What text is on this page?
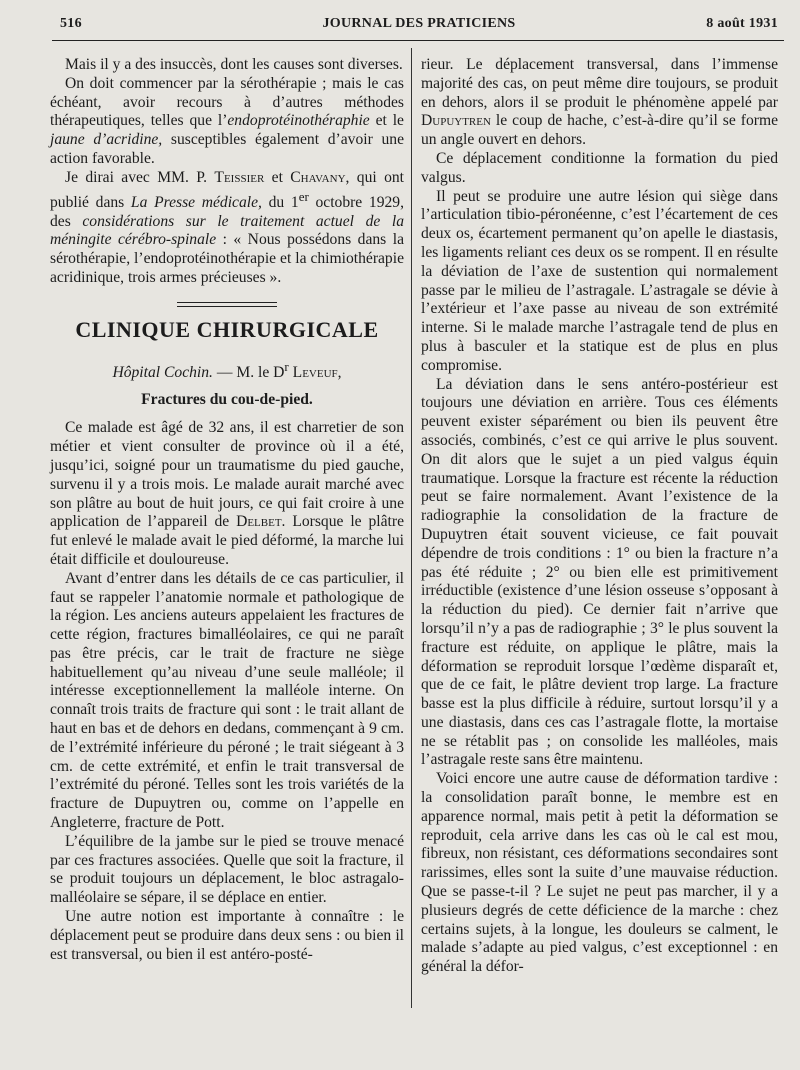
516	JOURNAL DES PRATICIENS	8 août 1931

Mais il y a des insuccès, dont les causes sont diverses.

On doit commencer par la sérothérapie ; mais le cas échéant, avoir recours à d’autres méthodes thérapeutiques, telles que l’endoprotéinothéraphie et le jaune d’acridine, susceptibles également d’avoir une action favorable.

Je dirai avec MM. P. Teissier et Chavany, qui ont publié dans La Presse médicale, du 1er octobre 1929, des considérations sur le traitement actuel de la méningite cérébro-spinale : « Nous possédons dans la sérothérapie, l’endoprotéinothérapie et la chimiothérapie acridinique, trois armes précieuses ».

CLINIQUE CHIRURGICALE

Hôpital Cochin. — M. le $D^r$ Leveuf,

Fractures du cou-de-pied.

Ce malade est âgé de 32 ans, il est charretier de son métier et vient consulter de province où il a été, jusqu’ici, soigné pour un traumatisme du pied gauche, survenu il y a trois mois. Le malade aurait marché avec son plâtre au bout de huit jours, ce qui fait croire à une application de l’appareil de Delbet. Lorsque le plâtre fut enlevé le malade avait le pied déformé, la marche lui était difficile et douloureuse.

Avant d’entrer dans les détails de ce cas particulier, il faut se rappeler l’anatomie normale et pathologique de la région. Les anciens auteurs appelaient les fractures de cette région, fractures bimalléolaires, ce qui ne paraît pas être précis, car le trait de fracture ne siège habituellement qu’au niveau d’une seule malléole; il intéresse exceptionnellement la malléole interne. On connaît trois traits de fracture qui sont : le trait allant de haut en bas et de dehors en dedans, commençant à 9 cm. de l’extrémité inférieure du péroné ; le trait siégeant à 3 cm. de cette extrémité, et enfin le trait transversal de l’extrémité du péroné. Telles sont les trois variétés de la fracture de Dupuytren ou, comme on l’appelle en Angleterre, fracture de Pott.

L’équilibre de la jambe sur le pied se trouve menacé par ces fractures associées. Quelle que soit la fracture, il se produit toujours un déplacement, le bloc astragalo-malléolaire se sépare, il se déplace en entier.

Une autre notion est importante à connaître : le déplacement peut se produire dans deux sens : ou bien il est transversal, ou bien il est antéro-posté-

rieur. Le déplacement transversal, dans l’immense majorité des cas, on peut même dire toujours, se produit en dehors, alors il se produit le phénomène appelé par Dupuytren le coup de hache, c’est-à-dire qu’il se forme un angle ouvert en dehors.

Ce déplacement conditionne la formation du pied valgus.

Il peut se produire une autre lésion qui siège dans l’articulation tibio-péronéenne, c’est l’écartement de ces deux os, écartement permanent qu’on apelle le diastasis, les ligaments reliant ces deux os se rompent. Il en résulte la déviation de l’axe de sustention qui normalement passe par le milieu de l’astragale. L’astragale se dévie à l’extérieur et l’axe passe au niveau de son extrémité interne. Si le malade marche l’astragale tend de plus en plus à basculer et la statique est de plus en plus compromise.

La déviation dans le sens antéro-postérieur est toujours une déviation en arrière. Tous ces éléments peuvent exister séparément ou bien ils peuvent être associés, combinés, c’est ce qui arrive le plus souvent. On dit alors que le sujet a un pied valgus équin traumatique. Lorsque la fracture est récente la réduction peut se faire normalement. Avant l’existence de la radiographie la consolidation de la fracture de Dupuytren était souvent vicieuse, ce fait pouvait dépendre de trois conditions : 1° ou bien la fracture n’a pas été réduite ; 2° ou bien elle est primitivement irréductible (existence d’une lésion osseuse s’opposant à la réduction du pied). Ce dernier fait n’arrive que lorsqu’il n’y a pas de radiographie ; 3° le plus souvent la fracture est réduite, on applique le plâtre, mais la déformation se reproduit lorsque l’œdème disparaît et, que de ce fait, le plâtre devient trop large. La fracture basse est la plus difficile à réduire, surtout lorsqu’il y a une diastasis, dans ces cas l’astragale flotte, la mortaise ne se rétablit pas ; on consolide les malléoles, mais l’astragale reste sans être maintenu.

Voici encore une autre cause de déformation tardive : la consolidation paraît bonne, le membre est en apparence normal, mais petit à petit la déformation se reproduit, cela arrive dans les cas où le cal est mou, fibreux, non résistant, ces déformations secondaires sont rarissimes, elles sont la suite d’une mauvaise réduction. Que se passe-t-il ? Le sujet ne peut pas marcher, il y a plusieurs degrés de cette déficience de la marche : chez certains sujets, à la longue, les douleurs se calment, le malade s’adapte au pied valgus, c’est exceptionnel : en général la défor-
